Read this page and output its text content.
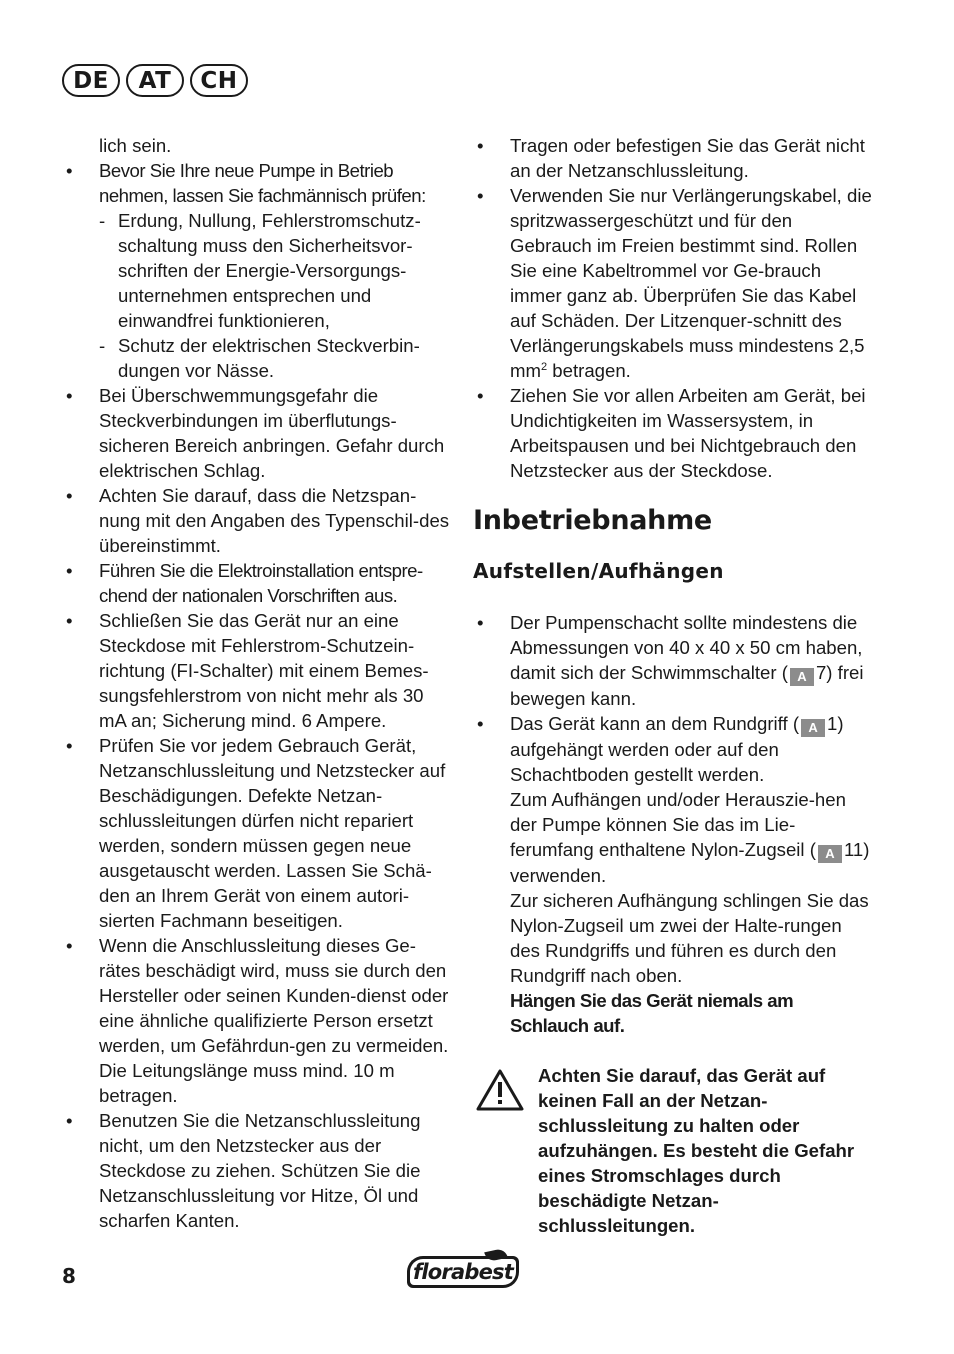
DE	AT	CH
lich sein.
• Bevor Sie Ihre neue Pumpe in Betrieb nehmen, lassen Sie fachmännisch prüfen:
- Erdung, Nullung, Fehlerstromschutz-schaltung muss den Sicherheitsvor-schriften der Energie-Versorgungs-unternehmen entsprechen und einwandfrei funktionieren,
- Schutz der elektrischen Steckverbin-dungen vor Nässe.
• Bei Überschwemmungsgefahr die Steckverbindungen im überflutungs-sicheren Bereich anbringen. Gefahr durch elektrischen Schlag.
• Achten Sie darauf, dass die Netzspan-nung mit den Angaben des Typenschil-des übereinstimmt.
• Führen Sie die Elektroinstallation entspre-chend der nationalen Vorschriften aus.
• Schließen Sie das Gerät nur an eine Steckdose mit Fehlerstrom-Schutzein-richtung (FI-Schalter) mit einem Bemes-sungsfehlerstrom von nicht mehr als 30 mA an; Sicherung mind. 6 Ampere.
• Prüfen Sie vor jedem Gebrauch Gerät, Netzanschlussleitung und Netzstecker auf Beschädigungen. Defekte Netzan-schlussleitungen dürfen nicht repariert werden, sondern müssen gegen neue ausgetauscht werden. Lassen Sie Schä-den an Ihrem Gerät von einem autori-sierten Fachmann beseitigen.
• Wenn die Anschlussleitung dieses Ge-rätes beschädigt wird, muss sie durch den Hersteller oder seinen Kunden-dienst oder eine ähnliche qualifizierte Person ersetzt werden, um Gefährdun-gen zu vermeiden. Die Leitungslänge muss mind. 10 m betragen.
• Benutzen Sie die Netzanschlussleitung nicht, um den Netzstecker aus der Steckdose zu ziehen. Schützen Sie die Netzanschlussleitung vor Hitze, Öl und scharfen Kanten.
• Tragen oder befestigen Sie das Gerät nicht an der Netzanschlussleitung.
• Verwenden Sie nur Verlängerungskabel, die spritzwassergeschützt und für den Gebrauch im Freien bestimmt sind. Rollen Sie eine Kabeltrommel vor Ge-brauch immer ganz ab. Überprüfen Sie das Kabel auf Schäden. Der Litzenquer-schnitt des Verlängerungskabels muss mindestens 2,5 $mm^2$ betragen.
• Ziehen Sie vor allen Arbeiten am Gerät, bei Undichtigkeiten im Wassersystem, in Arbeitspausen und bei Nichtgebrauch den Netzstecker aus der Steckdose.
Inbetriebnahme
Aufstellen/Aufhängen
• Der Pumpenschacht sollte mindestens die Abmessungen von 40 x 40 x 50 cm haben, damit sich der Schwimmschalter ( A 7) frei bewegen kann.
• Das Gerät kann an dem Rundgriff ( A 1) aufgehängt werden oder auf den Schachtboden gestellt werden.
Zum Aufhängen und/oder Herauszie-hen der Pumpe können Sie das im Lie-ferumfang enthaltene Nylon-Zugseil ( A 11) verwenden.
Zur sicheren Aufhängung schlingen Sie das Nylon-Zugseil um zwei der Halte-rungen des Rundgriffs und führen es durch den Rundgriff nach oben.
Hängen Sie das Gerät niemals am Schlauch auf.
Achten Sie darauf, das Gerät auf keinen Fall an der Netzan-schlussleitung zu halten oder aufzuhängen. Es besteht die Gefahr eines Stromschlages durch beschädigte Netzan-schlussleitungen.
8	florabest
